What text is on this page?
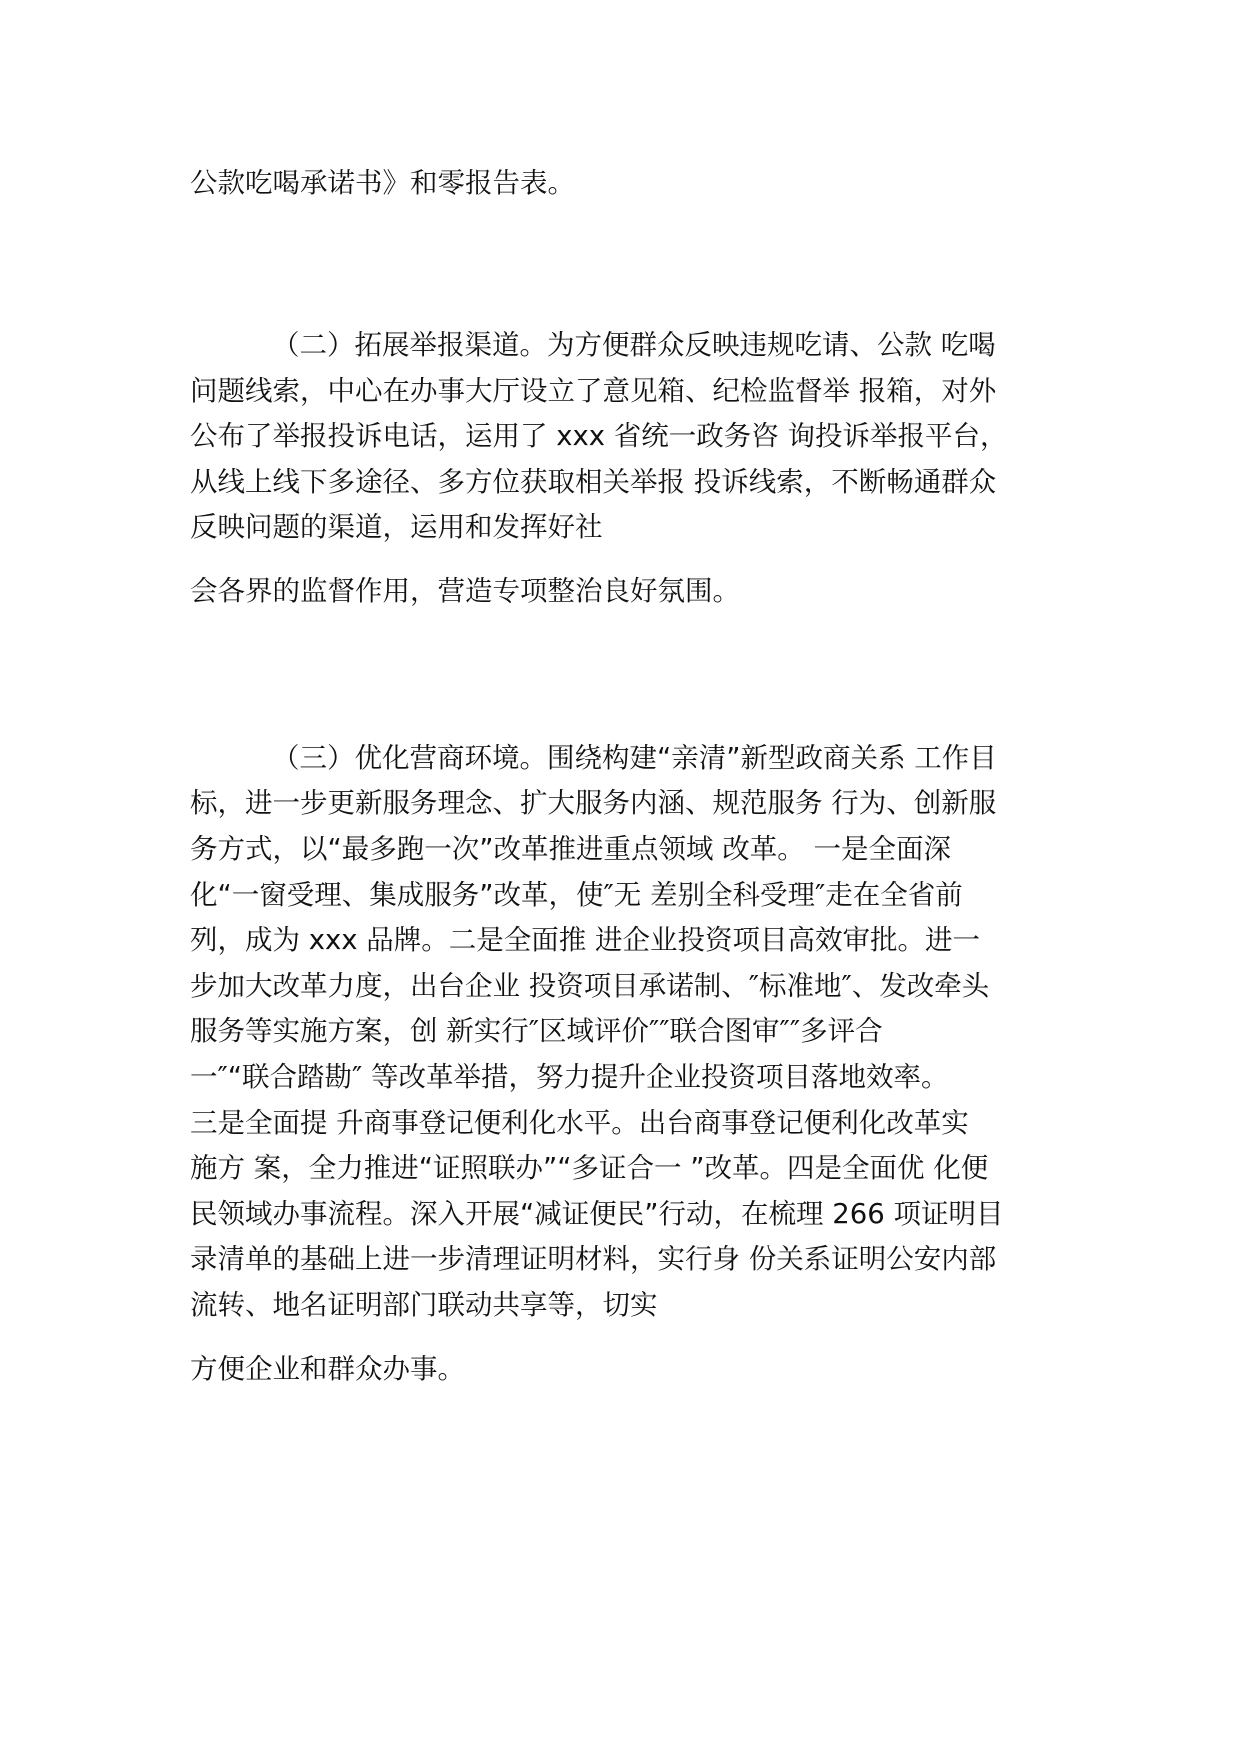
公款吃喝承诺书》和零报告表。
（二）拓展举报渠道。为方便群众反映违规吃请、公款 吃喝
问题线索，中心在办事大厅设立了意见箱、纪检监督举 报箱，对外
公布了举报投诉电话，运用了 xxx 省统一政务咨 询投诉举报平台，
从线上线下多途径、多方位获取相关举报 投诉线索，不断畅通群众
反映问题的渠道，运用和发挥好社
会各界的监督作用，营造专项整治良好氛围。
（三）优化营商环境。围绕构建“亲清”新型政商关系 工作目
标，进一步更新服务理念、扩大服务内涵、规范服务 行为、创新服
务方式，以“最多跑一次”改革推进重点领域 改革。 一是全面深
化“一窗受理、集成服务”改革，使″无 差别全科受理″走在全省前
列，成为 xxx 品牌。二是全面推 进企业投资项目高效审批。进一
步加大改革力度，出台企业 投资项目承诺制、″标准地″、发改牵头
服务等实施方案，创 新实行″区域评价″″联合图审″″多评合
一″“联合踏勘″ 等改革举措，努力提升企业投资项目落地效率。
三是全面提 升商事登记便利化水平。出台商事登记便利化改革实
施方 案，全力推进“证照联办”“多证合一 ”改革。四是全面优 化便
民领域办事流程。深入开展“减证便民”行动，在梳理 266 项证明目
录清单的基础上进一步清理证明材料，实行身 份关系证明公安内部
流转、地名证明部门联动共享等，切实
方便企业和群众办事。
